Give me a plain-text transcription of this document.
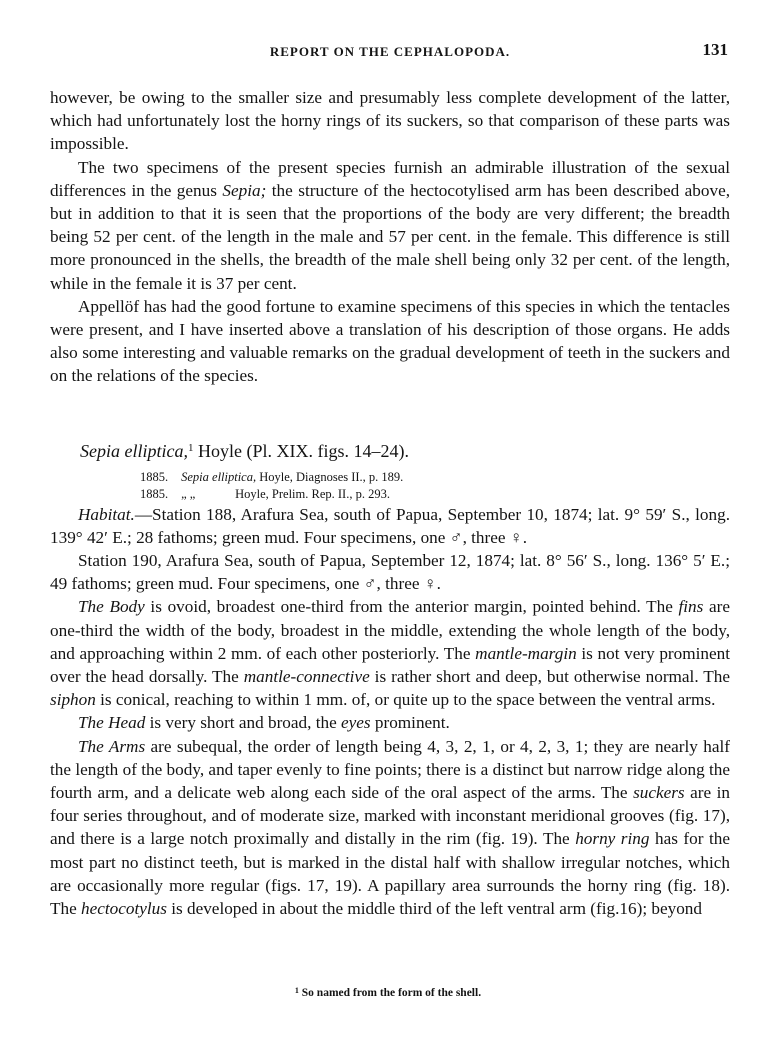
REPORT ON THE CEPHALOPODA.	131

however, be owing to the smaller size and presumably less complete development of the latter, which had unfortunately lost the horny rings of its suckers, so that comparison of these parts was impossible.

The two specimens of the present species furnish an admirable illustration of the sexual differences in the genus Sepia; the structure of the hectocotylised arm has been described above, but in addition to that it is seen that the proportions of the body are very different; the breadth being 52 per cent. of the length in the male and 57 per cent. in the female. This difference is still more pronounced in the shells, the breadth of the male shell being only 32 per cent. of the length, while in the female it is 37 per cent.

Appellöf has had the good fortune to examine specimens of this species in which the tentacles were present, and I have inserted above a translation of his description of those organs. He adds also some interesting and valuable remarks on the gradual development of teeth in the suckers and on the relations of the species.

Sepia elliptica,$^1$ Hoyle (Pl. XIX. figs. 14–24).
1885. Sepia elliptica, Hoyle, Diagnoses II., p. 189.
1885. „ „	Hoyle, Prelim. Rep. II., p. 293.

Habitat.—Station 188, Arafura Sea, south of Papua, September 10, 1874; lat. 9° 59′ S., long. 139° 42′ E.; 28 fathoms; green mud. Four specimens, one ♂, three ♀.

Station 190, Arafura Sea, south of Papua, September 12, 1874; lat. 8° 56′ S., long. 136° 5′ E.; 49 fathoms; green mud. Four specimens, one ♂, three ♀.

The Body is ovoid, broadest one-third from the anterior margin, pointed behind. The fins are one-third the width of the body, broadest in the middle, extending the whole length of the body, and approaching within 2 mm. of each other posteriorly. The mantle-margin is not very prominent over the head dorsally. The mantle-connective is rather short and deep, but otherwise normal. The siphon is conical, reaching to within 1 mm. of, or quite up to the space between the ventral arms.

The Head is very short and broad, the eyes prominent.

The Arms are subequal, the order of length being 4, 3, 2, 1, or 4, 2, 3, 1; they are nearly half the length of the body, and taper evenly to fine points; there is a distinct but narrow ridge along the fourth arm, and a delicate web along each side of the oral aspect of the arms. The suckers are in four series throughout, and of moderate size, marked with inconstant meridional grooves (fig. 17), and there is a large notch proximally and distally in the rim (fig. 19). The horny ring has for the most part no distinct teeth, but is marked in the distal half with shallow irregular notches, which are occasionally more regular (figs. 17, 19). A papillary area surrounds the horny ring (fig. 18). The hectocotylus is developed in about the middle third of the left ventral arm (fig.16); beyond

$^1$ So named from the form of the shell.
